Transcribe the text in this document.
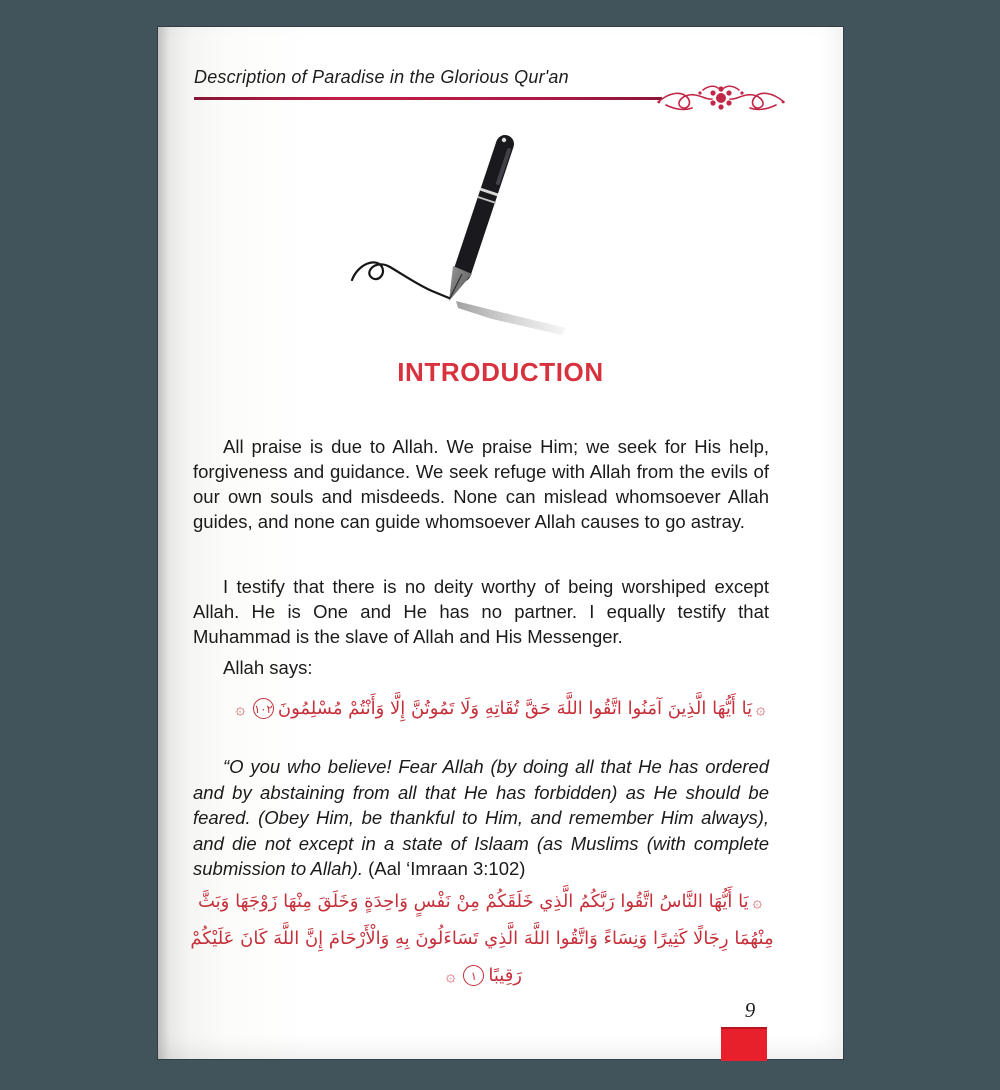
Description of Paradise in the Glorious Qur'an
INTRODUCTION

All praise is due to Allah. We praise Him; we seek for His help, forgiveness and guidance. We seek refuge with Allah from the evils of our own souls and misdeeds. None can mislead whomsoever Allah guides, and none can guide whomsoever Allah causes to go astray.

I testify that there is no deity worthy of being worshiped except Allah. He is One and He has no partner. I equally testify that Muhammad is the slave of Allah and His Messenger.

Allah says:

۞يَا أَيُّهَا الَّذِينَ آمَنُوا اتَّقُوا اللَّهَ حَقَّ تُقَاتِهِ وَلَا تَمُوتُنَّ إِلَّا وَأَنْتُمْ مُسْلِمُونَ١٠٢۞

“O you who believe! Fear Allah (by doing all that He has ordered and by abstaining from all that He has forbidden) as He should be feared. (Obey Him, be thankful to Him, and remember Him always), and die not except in a state of Islaam (as Muslims (with complete submission to Allah). (Aal ‘Imraan 3:102)

۞يَا أَيُّهَا النَّاسُ اتَّقُوا رَبَّكُمُ الَّذِي خَلَقَكُمْ مِنْ نَفْسٍ وَاحِدَةٍ وَخَلَقَ مِنْهَا زَوْجَهَا وَبَثَّ مِنْهُمَا رِجَالًا كَثِيرًا وَنِسَاءً وَاتَّقُوا اللَّهَ الَّذِي تَسَاءَلُونَ بِهِ وَالْأَرْحَامَ إِنَّ اللَّهَ كَانَ عَلَيْكُمْ رَقِيبًا١۞
9
